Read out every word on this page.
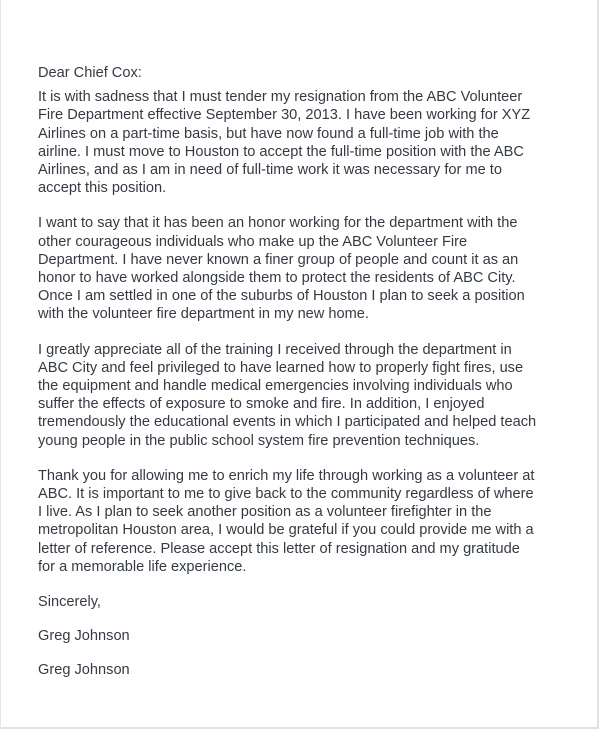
Dear Chief Cox:

It is with sadness that I must tender my resignation from the ABC Volunteer
Fire Department effective September 30, 2013. I have been working for XYZ
Airlines on a part-time basis, but have now found a full-time job with the
airline. I must move to Houston to accept the full-time position with the ABC
Airlines, and as I am in need of full-time work it was necessary for me to
accept this position.

I want to say that it has been an honor working for the department with the
other courageous individuals who make up the ABC Volunteer Fire
Department. I have never known a finer group of people and count it as an
honor to have worked alongside them to protect the residents of ABC City.
Once I am settled in one of the suburbs of Houston I plan to seek a position
with the volunteer fire department in my new home.

I greatly appreciate all of the training I received through the department in
ABC City and feel privileged to have learned how to properly fight fires, use
the equipment and handle medical emergencies involving individuals who
suffer the effects of exposure to smoke and fire. In addition, I enjoyed
tremendously the educational events in which I participated and helped teach
young people in the public school system fire prevention techniques.

Thank you for allowing me to enrich my life through working as a volunteer at
ABC. It is important to me to give back to the community regardless of where
I live. As I plan to seek another position as a volunteer firefighter in the
metropolitan Houston area, I would be grateful if you could provide me with a
letter of reference. Please accept this letter of resignation and my gratitude
for a memorable life experience.

Sincerely,

Greg Johnson

Greg Johnson
